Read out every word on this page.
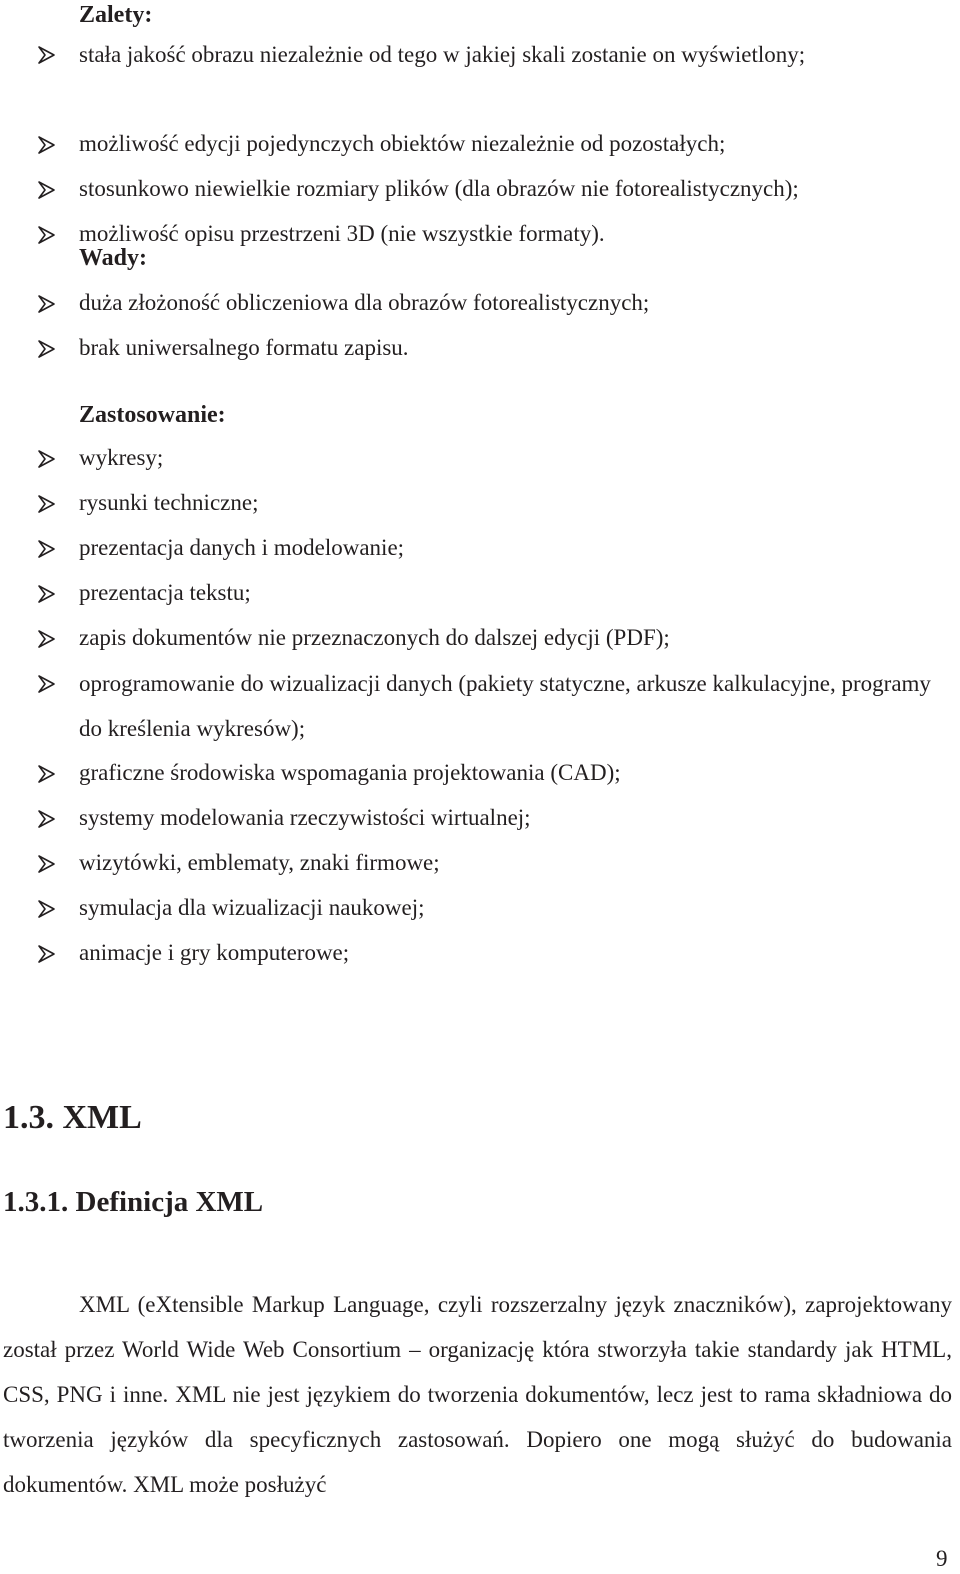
Zalety:
stała jakość obrazu niezależnie od tego w jakiej skali zostanie on wyświetlony;
możliwość edycji pojedynczych obiektów niezależnie od pozostałych;
stosunkowo niewielkie rozmiary plików (dla obrazów nie fotorealistycznych);
możliwość opisu przestrzeni 3D (nie wszystkie formaty).
Wady:
duża złożoność obliczeniowa dla obrazów fotorealistycznych;
brak uniwersalnego formatu zapisu.
Zastosowanie:
wykresy;
rysunki techniczne;
prezentacja danych i modelowanie;
prezentacja tekstu;
zapis dokumentów nie przeznaczonych do dalszej edycji (PDF);
oprogramowanie do wizualizacji danych (pakiety statyczne, arkusze kalkulacyjne, programy do kreślenia wykresów);
graficzne środowiska wspomagania projektowania (CAD);
systemy modelowania rzeczywistości wirtualnej;
wizytówki, emblematy, znaki firmowe;
symulacja dla wizualizacji naukowej;
animacje i gry komputerowe;
1.3. XML
1.3.1. Definicja XML

XML (eXtensible Markup Language, czyli rozszerzalny język znaczników), zaprojektowany został przez World Wide Web Consortium – organizację która stworzyła takie standardy jak HTML, CSS, PNG i inne. XML nie jest językiem do tworzenia dokumentów, lecz jest to rama składniowa do tworzenia języków dla specyficznych zastosowań. Dopiero one mogą służyć do budowania dokumentów. XML może posłużyć

9
